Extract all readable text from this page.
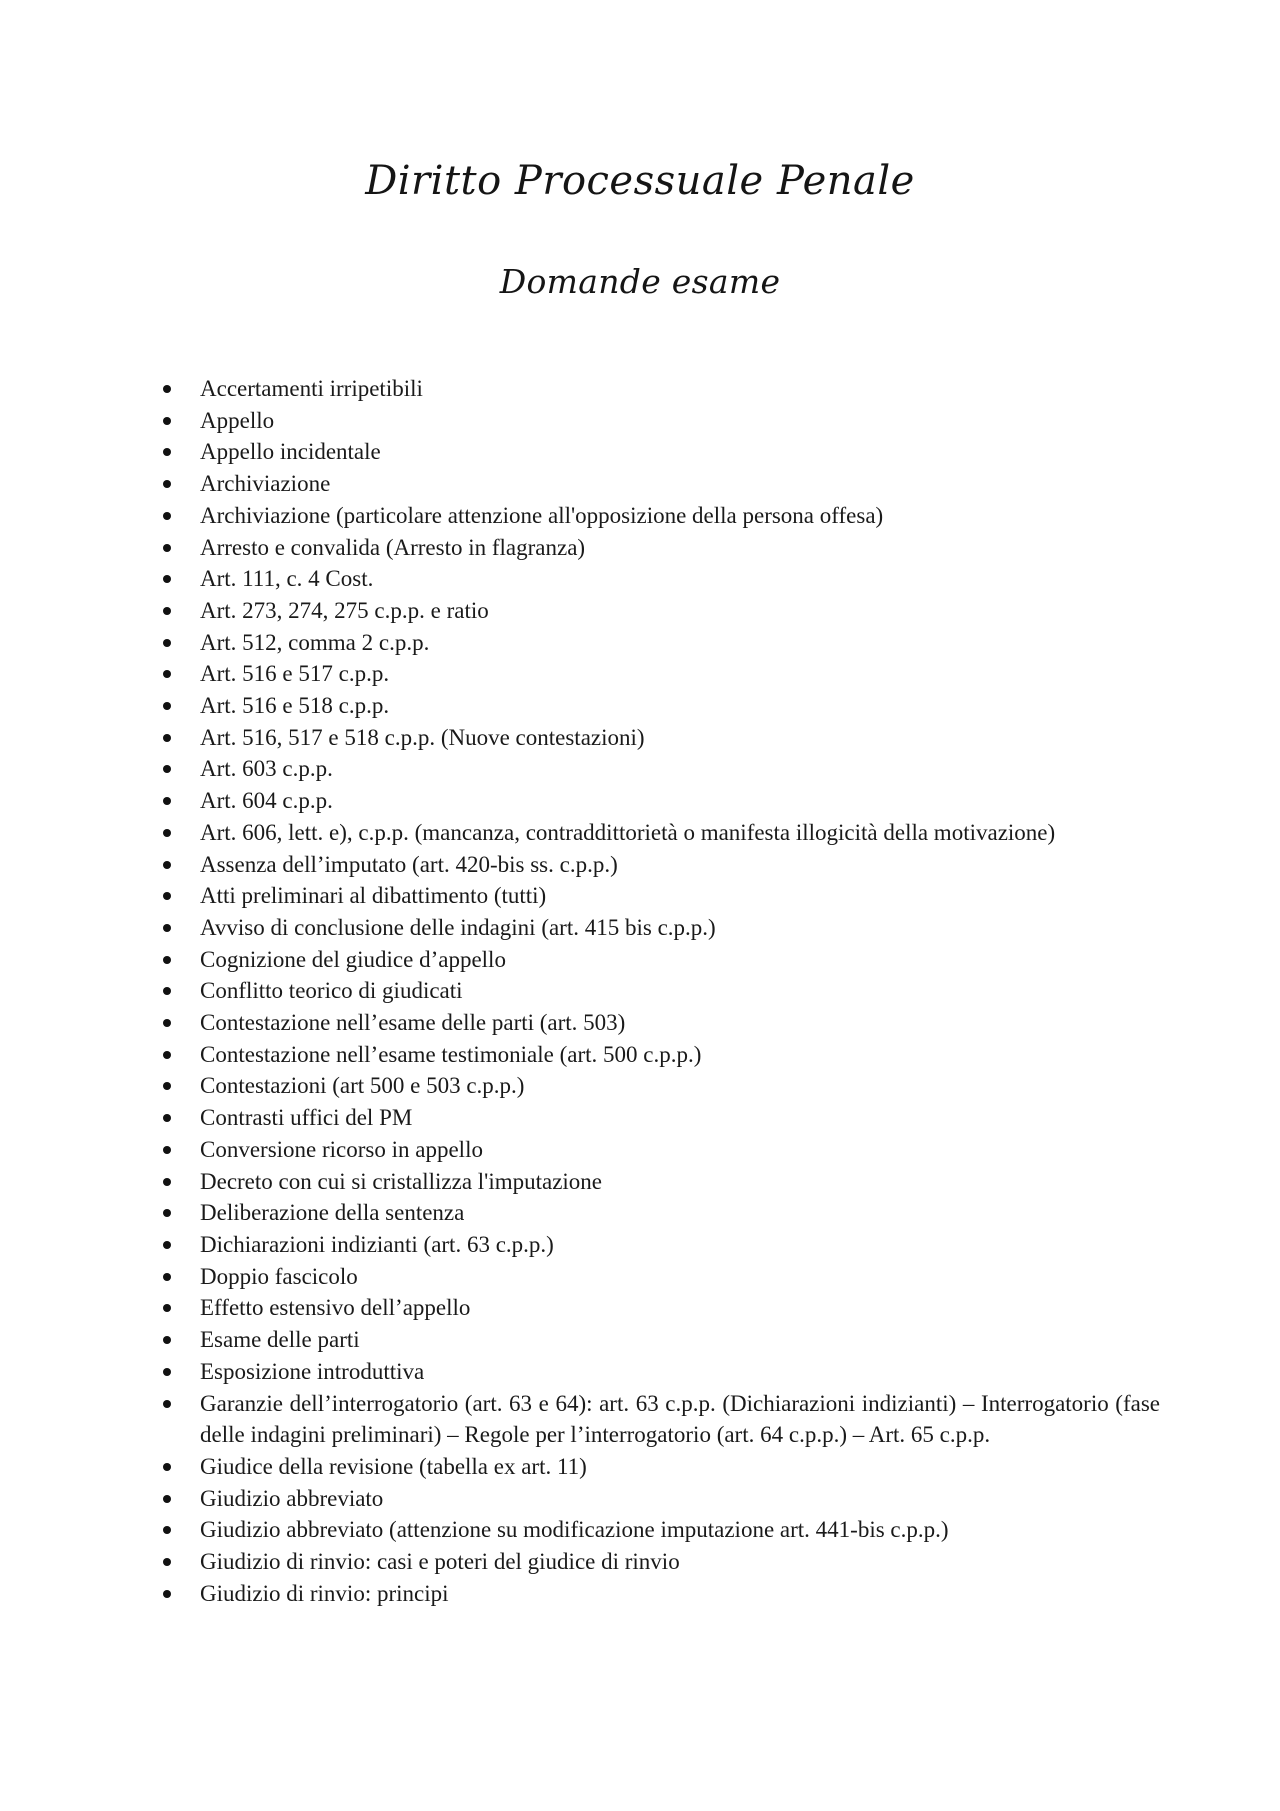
Diritto Processuale Penale
Domande esame
Accertamenti irripetibili
Appello
Appello incidentale
Archiviazione
Archiviazione (particolare attenzione all'opposizione della persona offesa)
Arresto e convalida (Arresto in flagranza)
Art. 111, c. 4 Cost.
Art. 273, 274, 275 c.p.p. e ratio
Art. 512, comma 2 c.p.p.
Art. 516 e 517 c.p.p.
Art. 516 e 518 c.p.p.
Art. 516, 517 e 518 c.p.p. (Nuove contestazioni)
Art. 603 c.p.p.
Art. 604 c.p.p.
Art. 606, lett. e), c.p.p. (mancanza, contraddittorietà o manifesta illogicità della motivazione)
Assenza dell’imputato (art. 420-bis ss. c.p.p.)
Atti preliminari al dibattimento (tutti)
Avviso di conclusione delle indagini (art. 415 bis c.p.p.)
Cognizione del giudice d’appello
Conflitto teorico di giudicati
Contestazione nell’esame delle parti (art. 503)
Contestazione nell’esame testimoniale (art. 500 c.p.p.)
Contestazioni (art 500 e 503 c.p.p.)
Contrasti uffici del PM
Conversione ricorso in appello
Decreto con cui si cristallizza l'imputazione
Deliberazione della sentenza
Dichiarazioni indizianti (art. 63 c.p.p.)
Doppio fascicolo
Effetto estensivo dell’appello
Esame delle parti
Esposizione introduttiva
Garanzie dell’interrogatorio (art. 63 e 64): art. 63 c.p.p. (Dichiarazioni indizianti) – Interrogatorio (fase delle indagini preliminari) – Regole per l’interrogatorio (art. 64 c.p.p.) – Art. 65 c.p.p.
Giudice della revisione (tabella ex art. 11)
Giudizio abbreviato
Giudizio abbreviato (attenzione su modificazione imputazione art. 441-bis c.p.p.)
Giudizio di rinvio: casi e poteri del giudice di rinvio
Giudizio di rinvio: principi
